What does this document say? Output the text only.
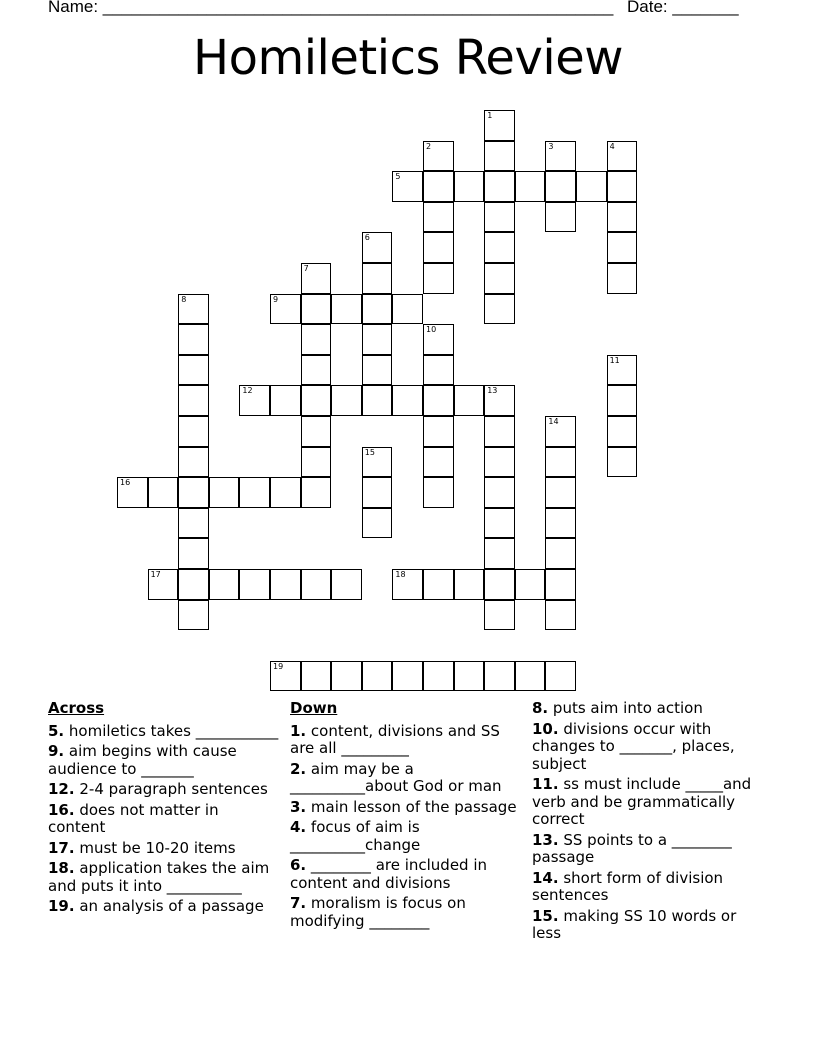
Name: ______________________________________________________ Date: _______
Homiletics Review
1
2	3	4
5
6
7
8	9
10
11
12	13
14
15
16
17	18
19
Across
5. homiletics takes ___________
9. aim begins with cause audience to _______
12. 2-4 paragraph sentences
16. does not matter in content
17. must be 10-20 items
18. application takes the aim and puts it into __________
19. an analysis of a passage
Down
1. content, divisions and SS are all _________
2. aim may be a __________about God or man
3. main lesson of the passage
4. focus of aim is __________change
6. ________ are included in content and divisions
7. moralism is focus on modifying ________
8. puts aim into action
10. divisions occur with changes to _______, places, subject
11. ss must include _____and verb and be grammatically correct
13. SS points to a ________ passage
14. short form of division sentences
15. making SS 10 words or less
